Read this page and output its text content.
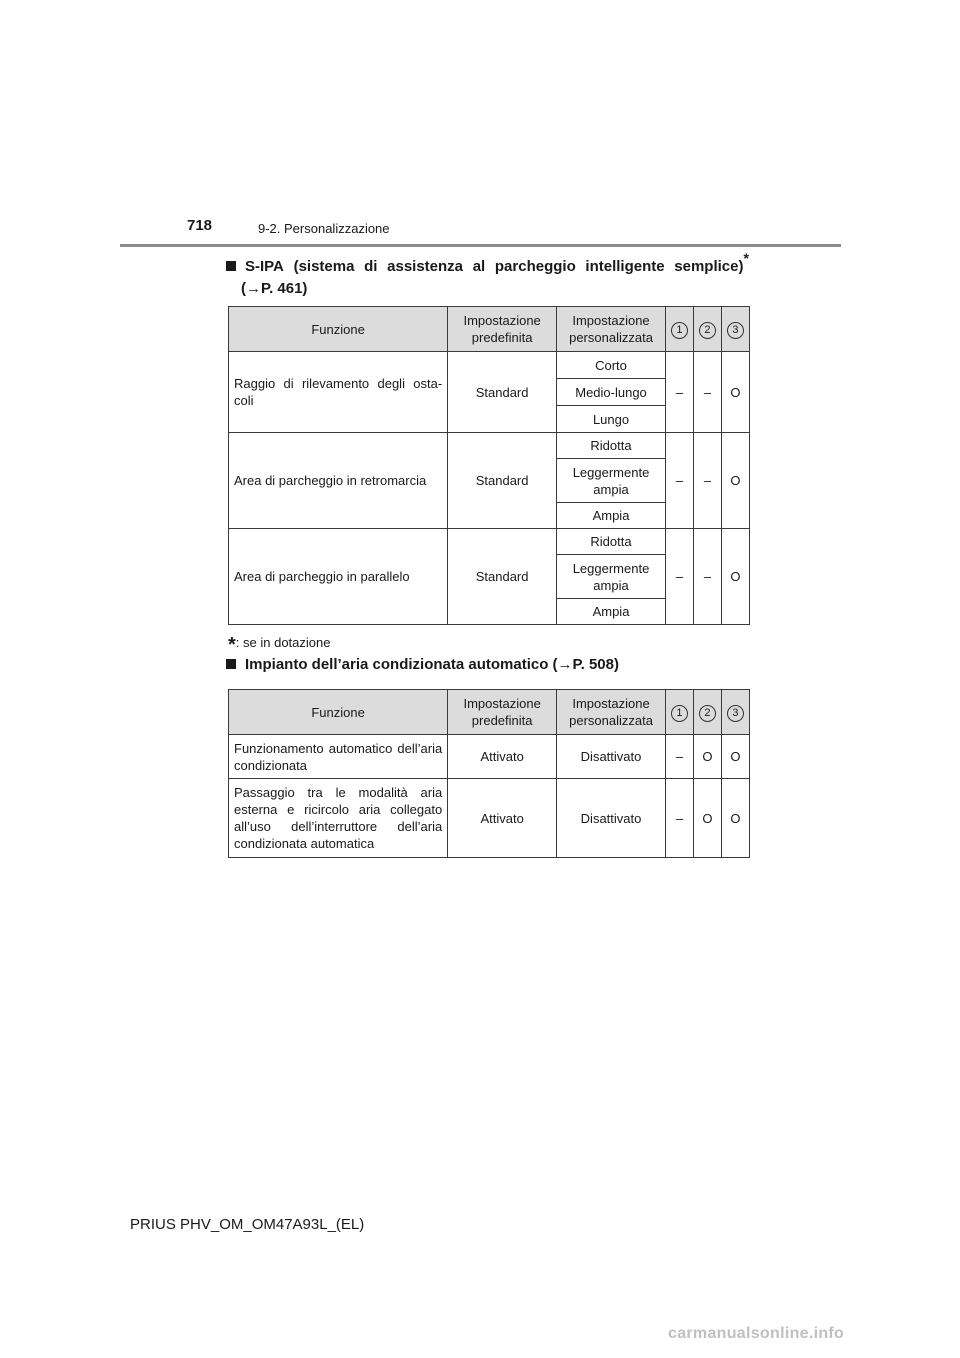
718	9-2. Personalizzazione
S-IPA (sistema di assistenza al parcheggio intelligente semplice)*
(→P. 461)
Funzione	Impostazione predefinita	Impostazione personalizzata	1	2	3
Raggio di rilevamento degli osta-coli	Standard	Corto	–	–	O
		Medio-lungo			
		Lungo			
Area di parcheggio in retromarcia	Standard	Ridotta	–	–	O
		Leggermente ampia			
		Ampia			
Area di parcheggio in parallelo	Standard	Ridotta	–	–	O
		Leggermente ampia			
		Ampia			
*: se in dotazione
Impianto dell’aria condizionata automatico (→P. 508)
Funzione	Impostazione predefinita	Impostazione personalizzata	1	2	3
Funzionamento automatico dell’aria condizionata	Attivato	Disattivato	–	O	O
Passaggio tra le modalità aria esterna e ricircolo aria collegato all’uso dell’interruttore dell’aria condizionata automatica	Attivato	Disattivato	–	O	O
PRIUS PHV_OM_OM47A93L_(EL)
carmanualsonline.info
